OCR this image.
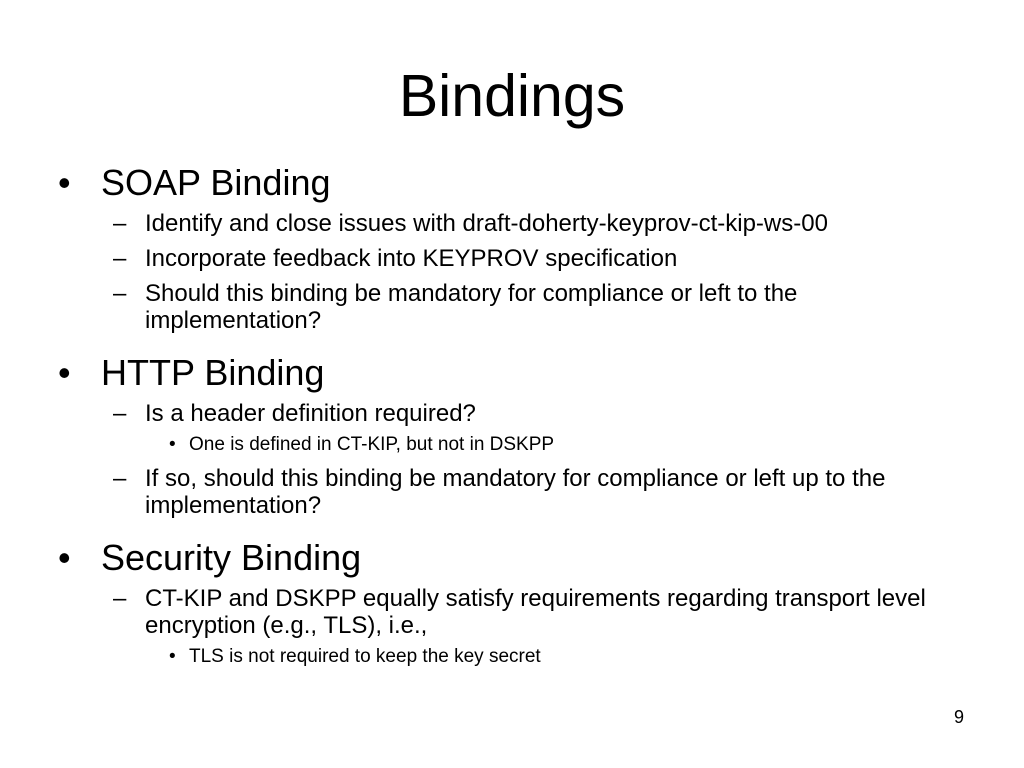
Bindings
• SOAP Binding
– Identify and close issues with draft-doherty-keyprov-ct-kip-ws-00
– Incorporate feedback into KEYPROV specification
– Should this binding be mandatory for compliance or left to the implementation?
• HTTP Binding
– Is a header definition required?
• One is defined in CT-KIP, but not in DSKPP
– If so, should this binding be mandatory for compliance or left up to the implementation?
• Security Binding
– CT-KIP and DSKPP equally satisfy requirements regarding transport level encryption (e.g., TLS), i.e.,
• TLS is not required to keep the key secret
9
